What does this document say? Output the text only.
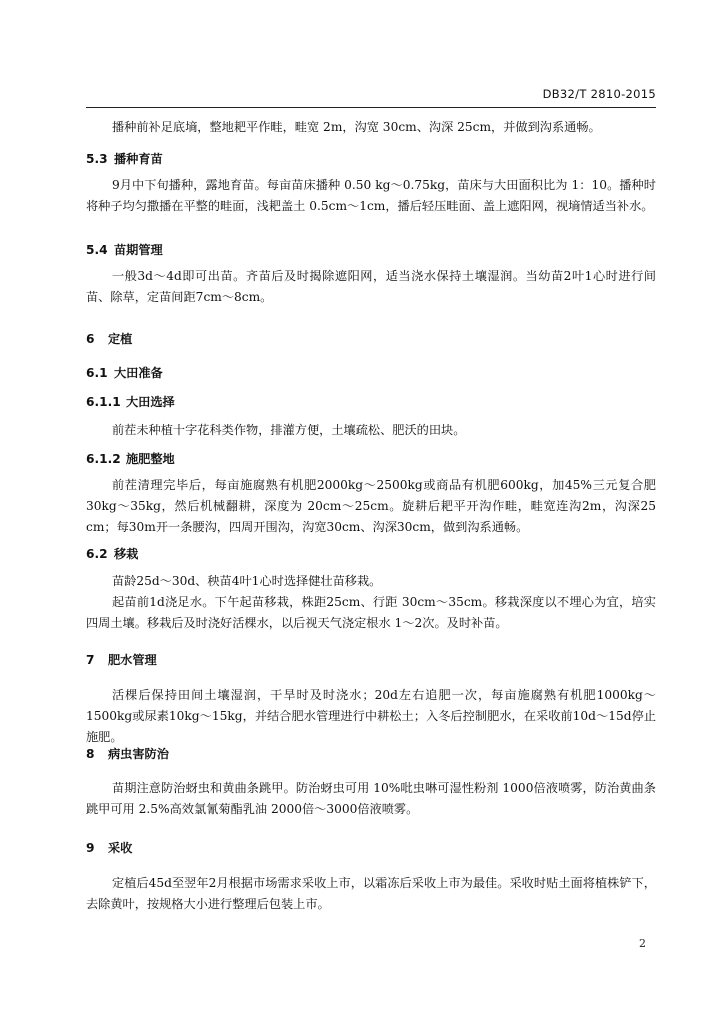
DB32/T 2810-2015

播种前补足底墒，整地耙平作畦，畦宽 2m，沟宽 30cm、沟深 25cm，并做到沟系通畅。

5.3 播种育苗

9月中下旬播种，露地育苗。每亩苗床播种 0.50 kg～0.75kg，苗床与大田面积比为 1：10。播种时将种子均匀撒播在平整的畦面，浅耙盖土 0.5cm～1cm，播后轻压畦面、盖上遮阳网，视墒情适当补水。

5.4 苗期管理

一般3d～4d即可出苗。齐苗后及时揭除遮阳网，适当浇水保持土壤湿润。当幼苗2叶1心时进行间苗、除草，定苗间距7cm～8cm。

6 定植
6.1 大田准备
6.1.1 大田选择

前茬未种植十字花科类作物，排灌方便，土壤疏松、肥沃的田块。

6.1.2 施肥整地

前茬清理完毕后，每亩施腐熟有机肥2000kg～2500kg或商品有机肥600kg，加45%三元复合肥30kg～35kg，然后机械翻耕，深度为 20cm～25cm。旋耕后耙平开沟作畦，畦宽连沟2m，沟深25 cm；每30m开一条腰沟，四周开围沟，沟宽30cm、沟深30cm，做到沟系通畅。

6.2 移栽

苗龄25d～30d、秧苗4叶1心时选择健壮苗移栽。

起苗前1d浇足水。下午起苗移栽，株距25cm、行距 30cm～35cm。移栽深度以不埋心为宜，培实四周土壤。移栽后及时浇好活棵水，以后视天气浇定根水 1～2次。及时补苗。

7 肥水管理

活棵后保持田间土壤湿润，干旱时及时浇水；20d左右追肥一次，每亩施腐熟有机肥1000kg～1500kg或尿素10kg～15kg，并结合肥水管理进行中耕松土；入冬后控制肥水，在采收前10d～15d停止施肥。

8 病虫害防治

苗期注意防治蚜虫和黄曲条跳甲。防治蚜虫可用 10%吡虫啉可湿性粉剂 1000倍液喷雾，防治黄曲条跳甲可用 2.5%高效氯氰菊酯乳油 2000倍～3000倍液喷雾。

9 采收

定植后45d至翌年2月根据市场需求采收上市，以霜冻后采收上市为最佳。采收时贴土面将植株铲下，去除黄叶，按规格大小进行整理后包装上市。

2
